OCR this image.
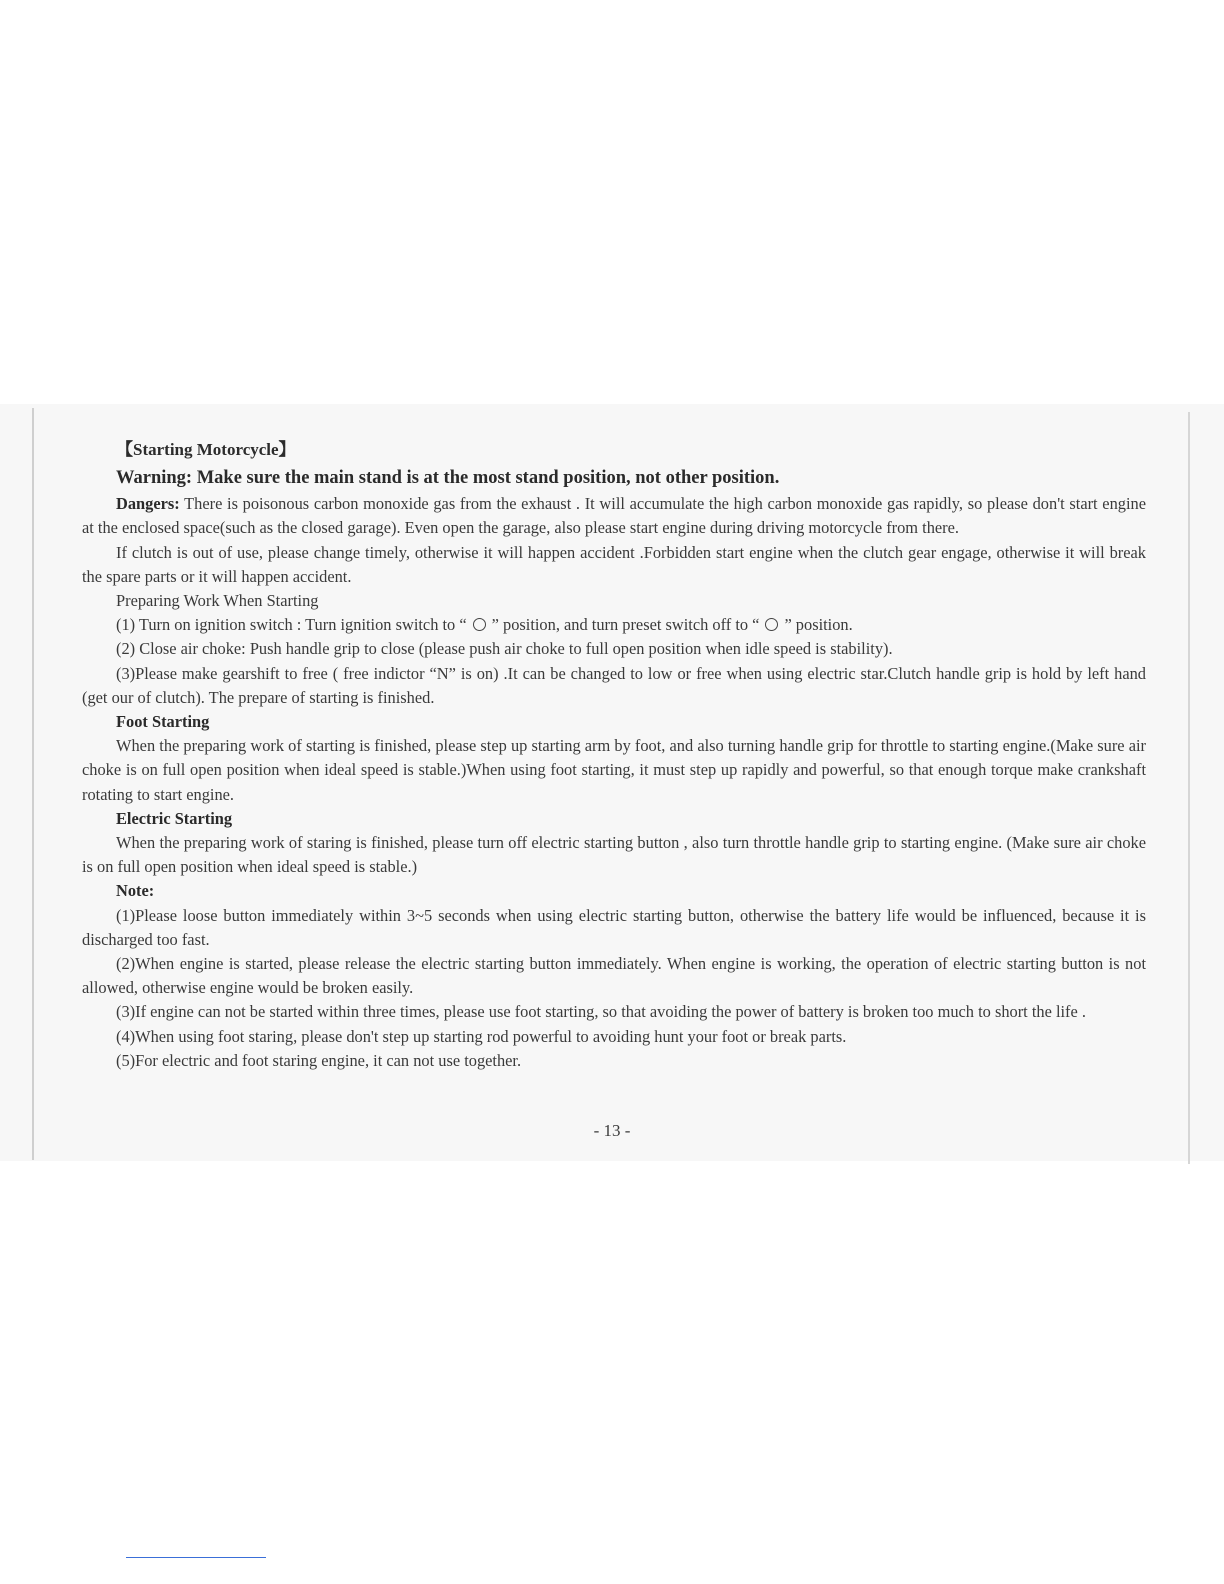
【Starting Motorcycle】

Warning: Make sure the main stand is at the most stand position, not other position.

Dangers: There is poisonous carbon monoxide gas from the exhaust . It will accumulate the high carbon monoxide gas rapidly, so please don't start engine at the enclosed space(such as the closed garage). Even open the garage, also please start engine during driving motorcycle from there.

If clutch is out of use, please change timely, otherwise it will happen accident .Forbidden start engine when the clutch gear engage, otherwise it will break the spare parts or it will happen accident.

Preparing Work When Starting

(1) Turn on ignition switch : Turn ignition switch to “ ” position, and turn preset switch off to “ ” position.

(2) Close air choke: Push handle grip to close (please push air choke to full open position when idle speed is stability).

(3)Please make gearshift to free ( free indictor “N” is on) .It can be changed to low or free when using electric star.Clutch handle grip is hold by left hand (get our of clutch). The prepare of starting is finished.

Foot Starting

When the preparing work of starting is finished, please step up starting arm by foot, and also turning handle grip for throttle to starting engine.(Make sure air choke is on full open position when ideal speed is stable.)When using foot starting, it must step up rapidly and powerful, so that enough torque make crankshaft rotating to start engine.

Electric Starting

When the preparing work of staring is finished, please turn off electric starting button , also turn throttle handle grip to starting engine. (Make sure air choke is on full open position when ideal speed is stable.)

Note:

(1)Please loose button immediately within 3~5 seconds when using electric starting button, otherwise the battery life would be influenced, because it is discharged too fast.

(2)When engine is started, please release the electric starting button immediately. When engine is working, the operation of electric starting button is not allowed, otherwise engine would be broken easily.

(3)If engine can not be started within three times, please use foot starting, so that avoiding the power of battery is broken too much to short the life .

(4)When using foot staring, please don't step up starting rod powerful to avoiding hunt your foot or break parts.

(5)For electric and foot staring engine, it can not use together.

- 13 -
